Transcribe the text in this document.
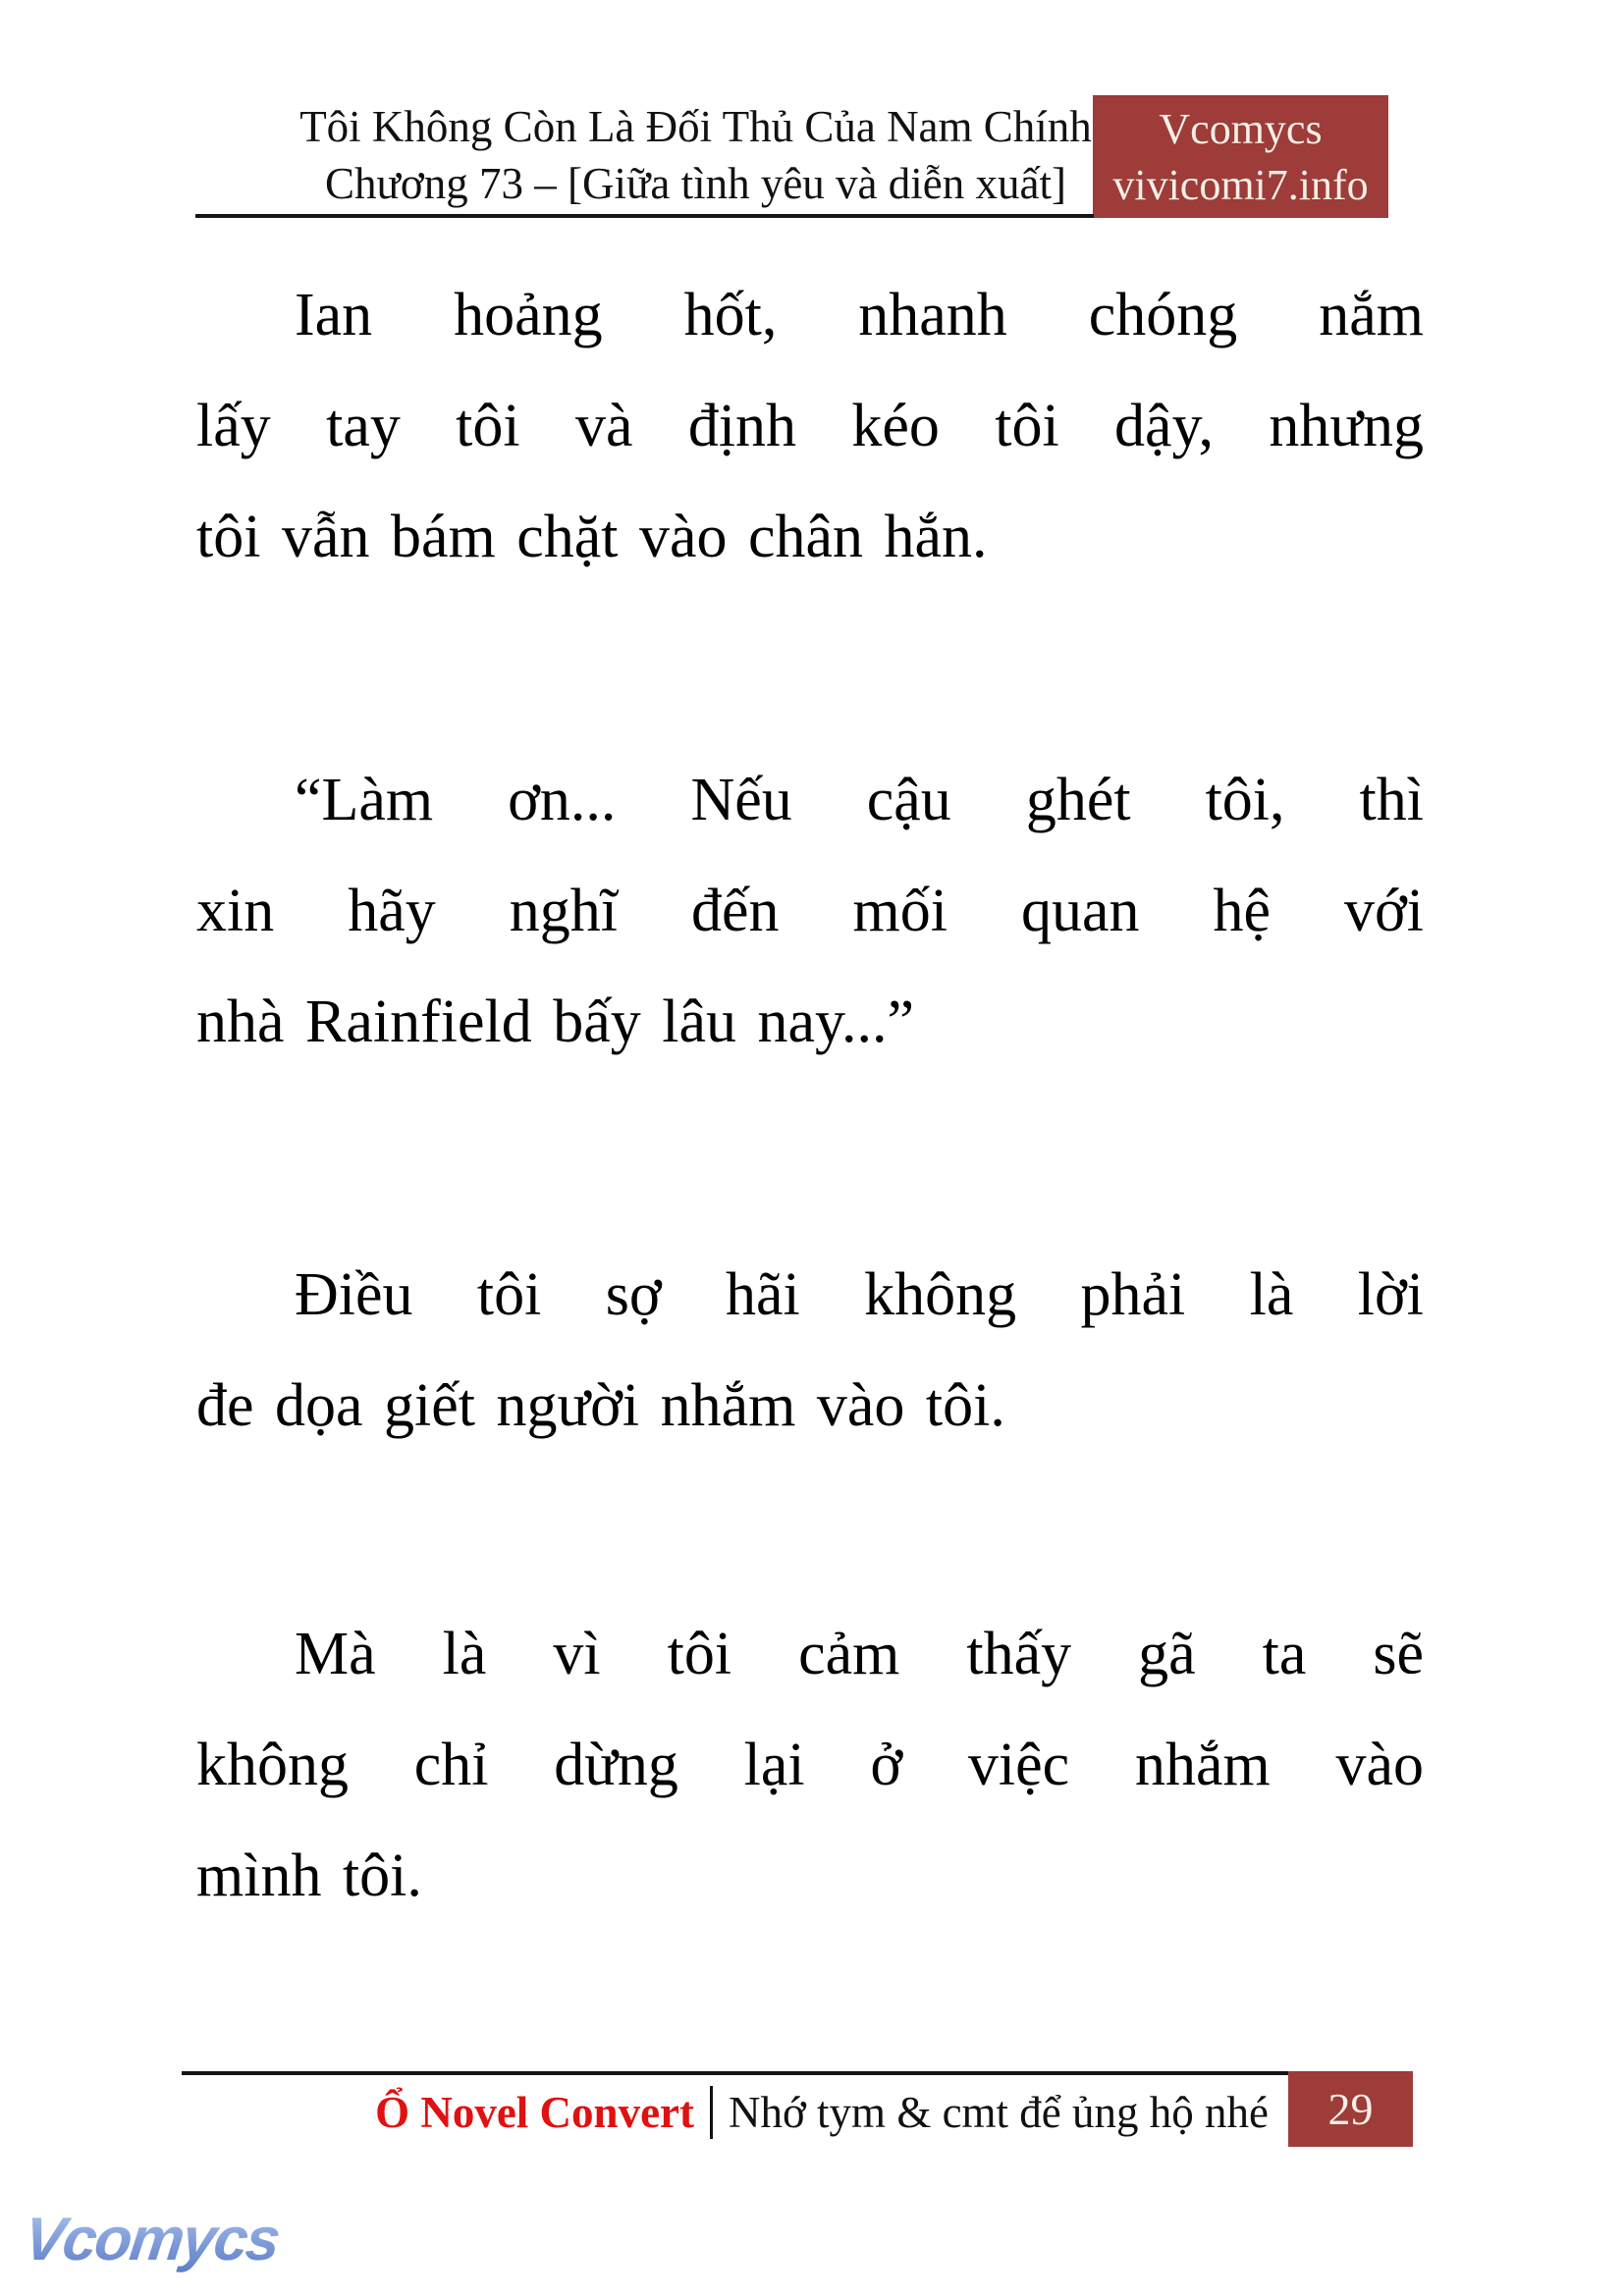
Tôi Không Còn Là Đối Thủ Của Nam Chính
Chương 73 – [Giữa tình yêu và diễn xuất]
Vcomycs
vivicomi7.info
Ian hoảng hốt, nhanh chóng nắm
lấy tay tôi và định kéo tôi dậy, nhưng
tôi vẫn bám chặt vào chân hắn.
“Làm ơn... Nếu cậu ghét tôi, thì
xin hãy nghĩ đến mối quan hệ với
nhà Rainfield bấy lâu nay...”
Điều tôi sợ hãi không phải là lời
đe dọa giết người nhắm vào tôi.
Mà là vì tôi cảm thấy gã ta sẽ
không chỉ dừng lại ở việc nhắm vào
mình tôi.
Ổ Novel Convert Nhớ tym & cmt để ủng hộ nhé 29
Vcomycs
